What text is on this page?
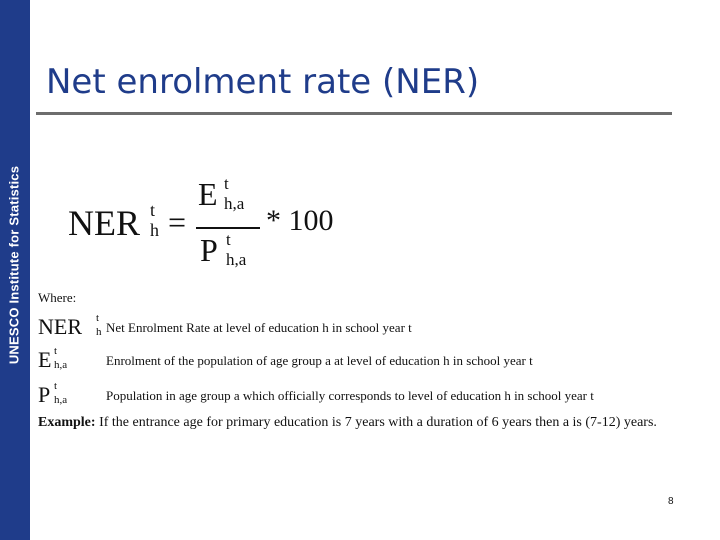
UNESCO Institute for Statistics
Net enrolment rate (NER)
NER t
h =
E t
h,a
P t
h,a
* 100
Where:
NER t
h Net Enrolment Rate at level of education h in school year t
E t
h,a	Enrolment of the population of age group a at level of education h in school year t
P t
h,a	Population in age group a which officially corresponds to level of education h in school year t
Example: If the entrance age for primary education is 7 years with a duration of 6 years then a is (7-12) years.
8
